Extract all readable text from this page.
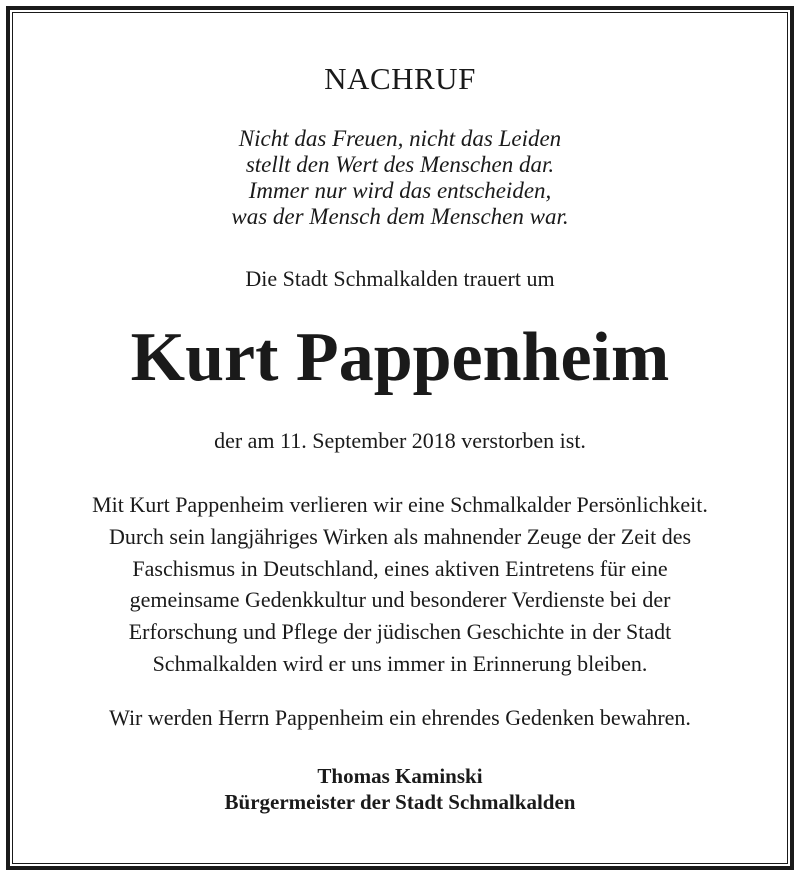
NACHRUF
Nicht das Freuen, nicht das Leiden
stellt den Wert des Menschen dar.
Immer nur wird das entscheiden,
was der Mensch dem Menschen war.
Die Stadt Schmalkalden trauert um
Kurt Pappenheim
der am 11. September 2018 verstorben ist.
Mit Kurt Pappenheim verlieren wir eine Schmalkalder Persönlichkeit.
Durch sein langjähriges Wirken als mahnender Zeuge der Zeit des
Faschismus in Deutschland, eines aktiven Eintretens für eine
gemeinsame Gedenkkultur und besonderer Verdienste bei der
Erforschung und Pflege der jüdischen Geschichte in der Stadt
Schmalkalden wird er uns immer in Erinnerung bleiben.
Wir werden Herrn Pappenheim ein ehrendes Gedenken bewahren.
Thomas Kaminski
Bürgermeister der Stadt Schmalkalden
